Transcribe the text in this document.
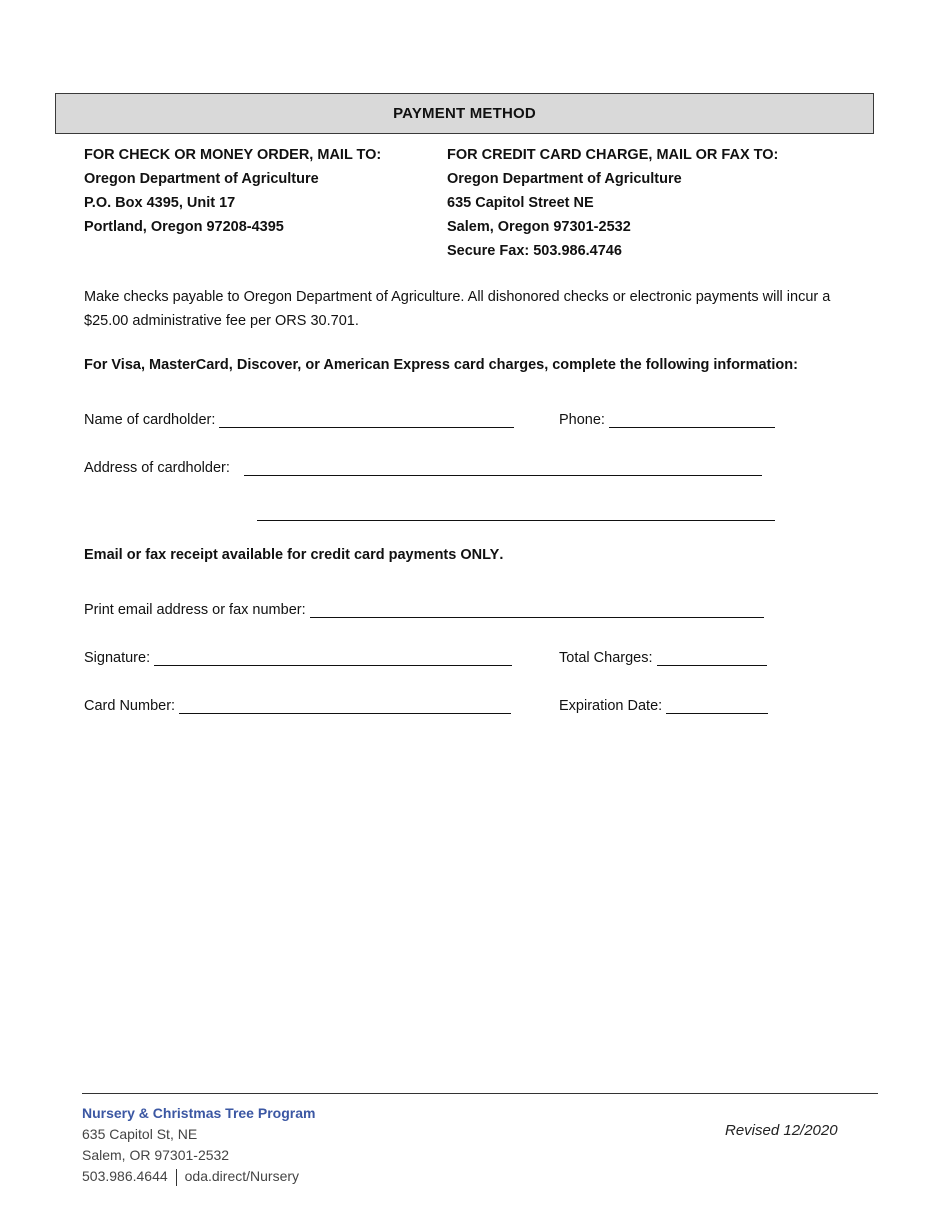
PAYMENT METHOD
FOR CHECK OR MONEY ORDER, MAIL TO:
Oregon Department of Agriculture
P.O. Box 4395, Unit 17
Portland, Oregon 97208-4395
FOR CREDIT CARD CHARGE, MAIL OR FAX TO:
Oregon Department of Agriculture
635 Capitol Street NE
Salem, Oregon 97301-2532
Secure Fax: 503.986.4746
Make checks payable to Oregon Department of Agriculture. All dishonored checks or electronic payments will incur a $25.00 administrative fee per ORS 30.701.
For Visa, MasterCard, Discover, or American Express card charges, complete the following information:
Name of cardholder:	Phone:
Address of cardholder:
Email or fax receipt available for credit card payments ONLY.
Print email address or fax number:
Signature:	Total Charges:
Card Number:	Expiration Date:
Nursery & Christmas Tree Program
635 Capitol St, NE
Salem, OR 97301-2532
503.986.4644 oda.direct/Nursery
Revised 12/2020
